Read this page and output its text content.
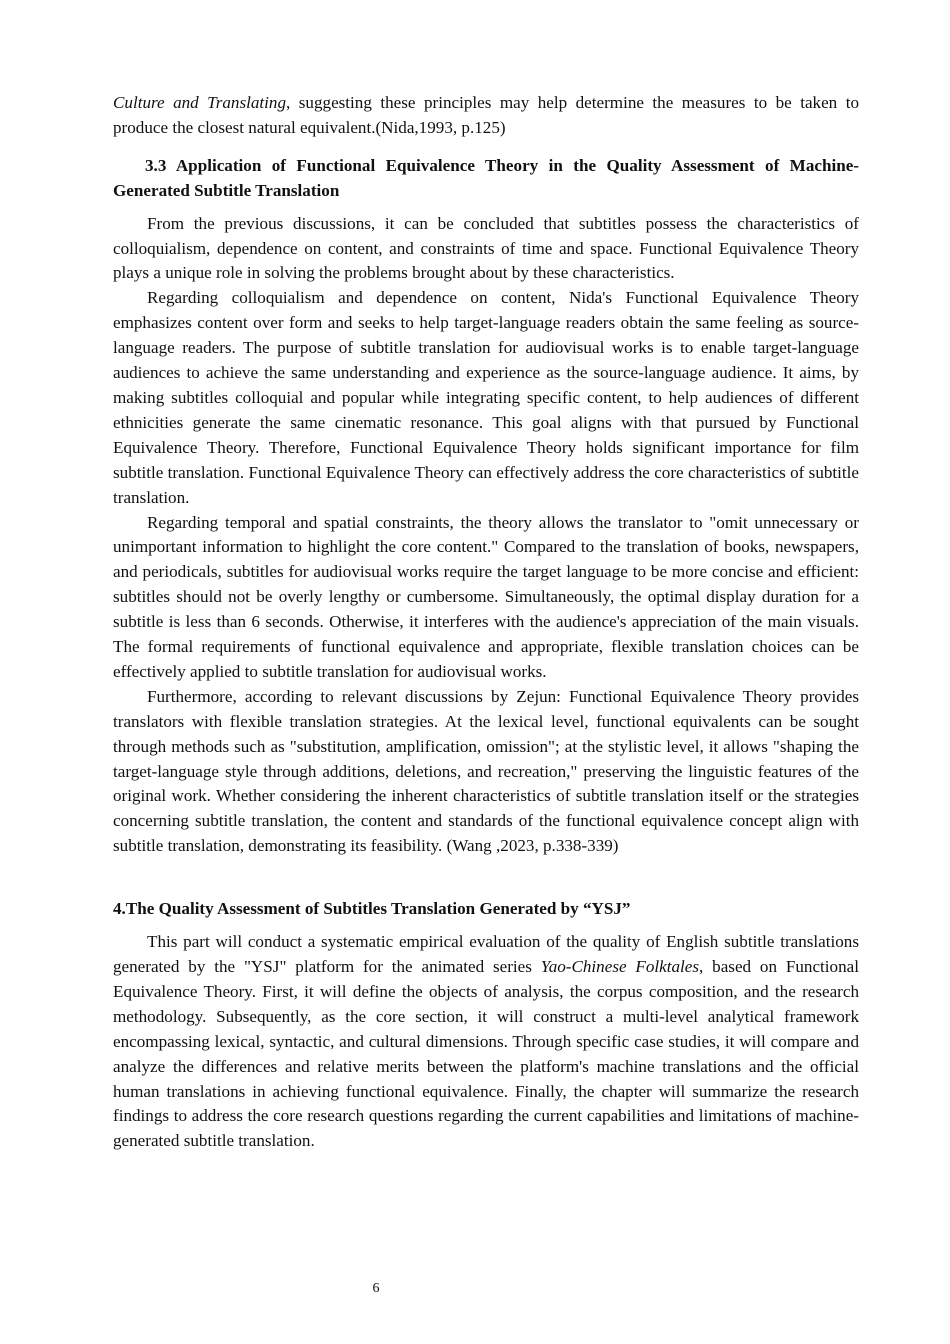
Culture and Translating, suggesting these principles may help determine the measures to be taken to produce the closest natural equivalent.(Nida,1993, p.125)

3.3 Application of Functional Equivalence Theory in the Quality Assessment of Machine-Generated Subtitle Translation

From the previous discussions, it can be concluded that subtitles possess the characteristics of colloquialism, dependence on content, and constraints of time and space. Functional Equivalence Theory plays a unique role in solving the problems brought about by these characteristics.

Regarding colloquialism and dependence on content, Nida's Functional Equivalence Theory emphasizes content over form and seeks to help target-language readers obtain the same feeling as source-language readers. The purpose of subtitle translation for audiovisual works is to enable target-language audiences to achieve the same understanding and experience as the source-language audience. It aims, by making subtitles colloquial and popular while integrating specific content, to help audiences of different ethnicities generate the same cinematic resonance. This goal aligns with that pursued by Functional Equivalence Theory. Therefore, Functional Equivalence Theory holds significant importance for film subtitle translation. Functional Equivalence Theory can effectively address the core characteristics of subtitle translation.

Regarding temporal and spatial constraints, the theory allows the translator to "omit unnecessary or unimportant information to highlight the core content." Compared to the translation of books, newspapers, and periodicals, subtitles for audiovisual works require the target language to be more concise and efficient: subtitles should not be overly lengthy or cumbersome. Simultaneously, the optimal display duration for a subtitle is less than 6 seconds. Otherwise, it interferes with the audience's appreciation of the main visuals. The formal requirements of functional equivalence and appropriate, flexible translation choices can be effectively applied to subtitle translation for audiovisual works.

Furthermore, according to relevant discussions by Zejun: Functional Equivalence Theory provides translators with flexible translation strategies. At the lexical level, functional equivalents can be sought through methods such as "substitution, amplification, omission"; at the stylistic level, it allows "shaping the target-language style through additions, deletions, and recreation," preserving the linguistic features of the original work. Whether considering the inherent characteristics of subtitle translation itself or the strategies concerning subtitle translation, the content and standards of the functional equivalence concept align with subtitle translation, demonstrating its feasibility. (Wang ,2023, p.338-339)

4.The Quality Assessment of Subtitles Translation Generated by “YSJ”

This part will conduct a systematic empirical evaluation of the quality of English subtitle translations generated by the "YSJ" platform for the animated series Yao-Chinese Folktales, based on Functional Equivalence Theory. First, it will define the objects of analysis, the corpus composition, and the research methodology. Subsequently, as the core section, it will construct a multi-level analytical framework encompassing lexical, syntactic, and cultural dimensions. Through specific case studies, it will compare and analyze the differences and relative merits between the platform's machine translations and the official human translations in achieving functional equivalence. Finally, the chapter will summarize the research findings to address the core research questions regarding the current capabilities and limitations of machine-generated subtitle translation.

6
